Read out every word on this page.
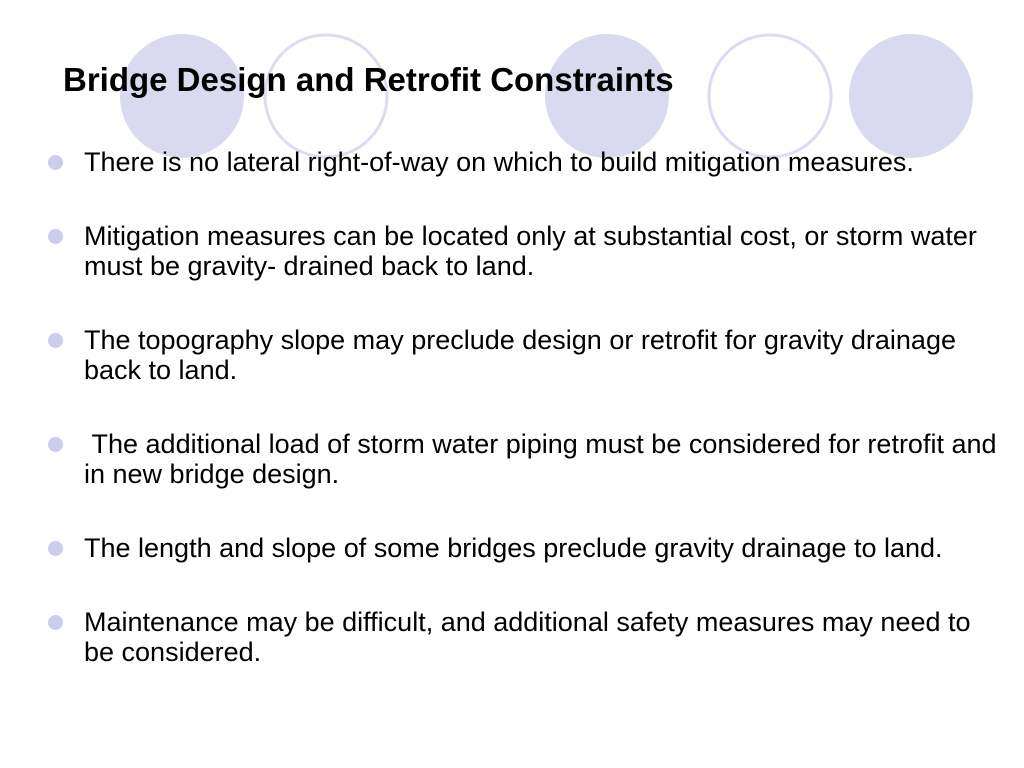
Bridge Design and Retrofit Constraints
There is no lateral right-of-way on which to build mitigation measures.
Mitigation measures can be located only at substantial cost, or storm water must be gravity- drained back to land.
The topography slope may preclude design or retrofit for gravity drainage back to land.
The additional load of storm water piping must be considered for retrofit and in new bridge design.
The length and slope of some bridges preclude gravity drainage to land.
Maintenance may be difficult, and additional safety measures may need to be considered.
